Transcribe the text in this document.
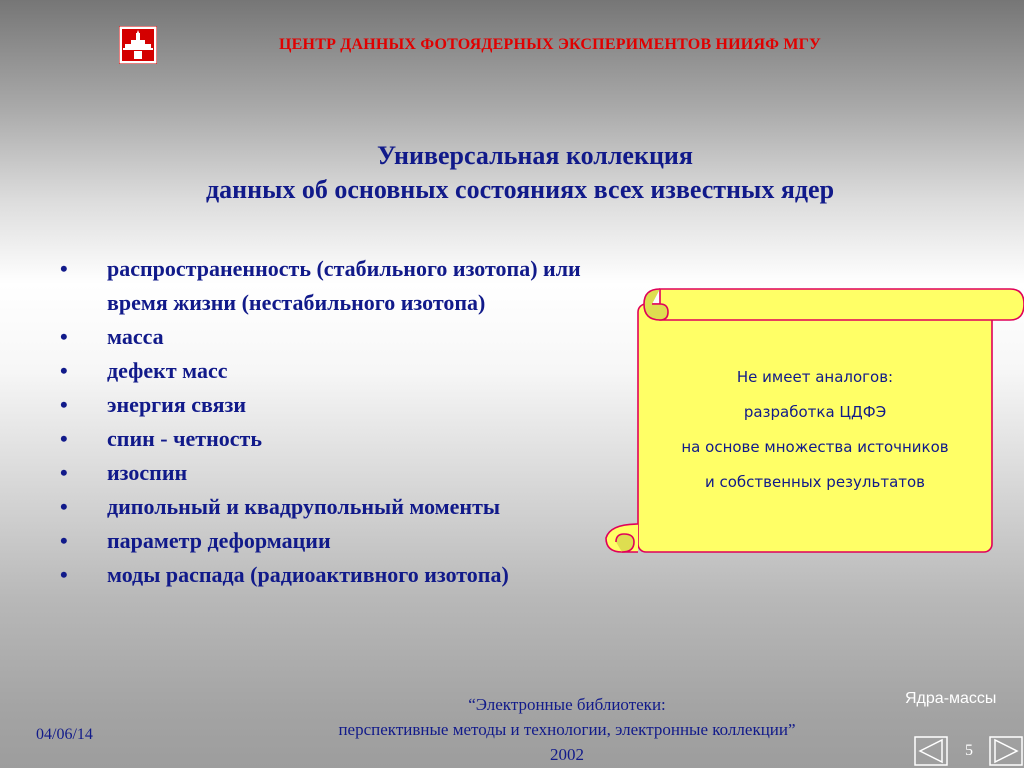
ЦЕНТР ДАННЫХ ФОТОЯДЕРНЫХ ЭКСПЕРИМЕНТОВ НИИЯФ МГУ
Универсальная коллекция
данных об основных состояниях всех известных ядер
• распространенность (стабильного изотопа) или
время жизни (нестабильного изотопа)
• масса
• дефект масс
• энергия связи
• спин - четность
• изоспин
• дипольный и квадрупольный моменты
• параметр деформации
• моды распада (радиоактивного изотопа)
Не имеет аналогов:
разработка ЦДФЭ
на основе множества источников
и собственных результатов
Ядра-массы
“Электронные библиотеки:
перспективные методы и технологии, электронные коллекции”
2002
04/06/14
5
